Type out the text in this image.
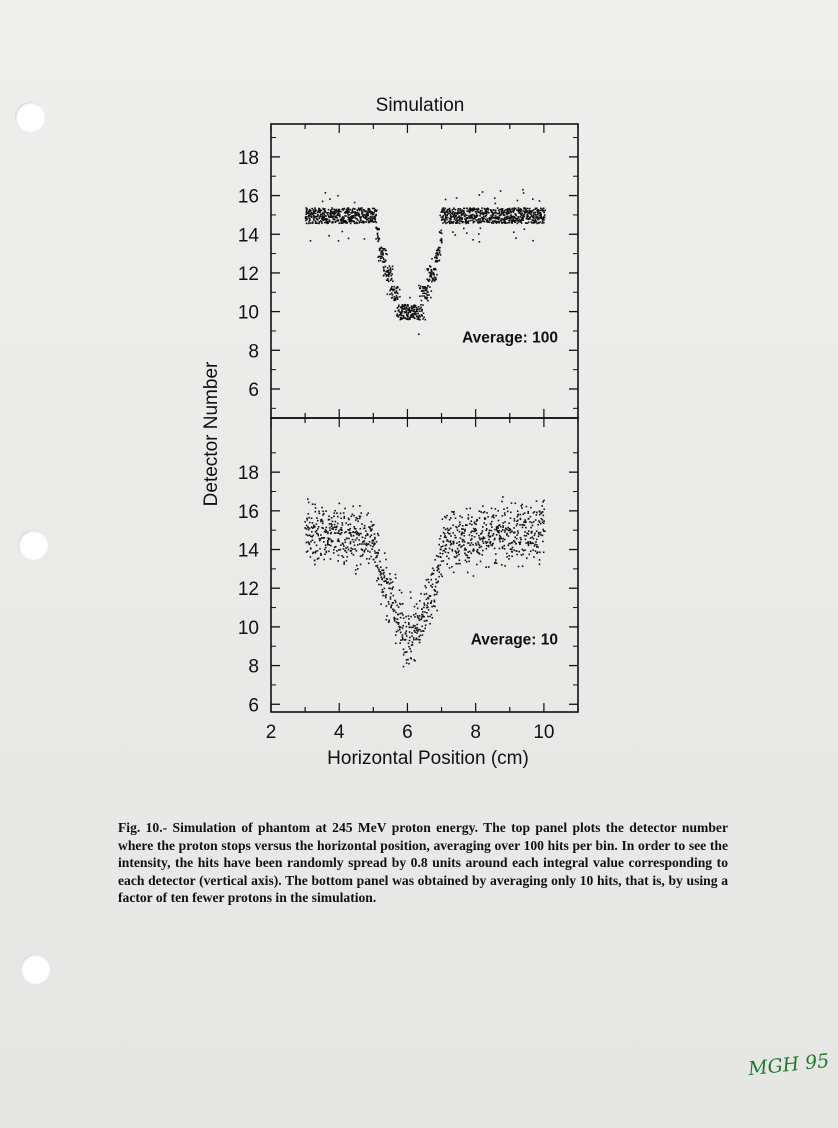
Simulation
Detector Number
Horizontal Position (cm)
6
8
10
12
14
16
18
Average: 100
6
8
10
12
14
16
18
Average: 10
2	4	6	8	10

Fig. 10.- Simulation of phantom at 245 MeV proton energy. The top panel plots the detector number where the proton stops versus the horizontal position, averaging over 100 hits per bin. In order to see the intensity, the hits have been randomly spread by 0.8 units around each integral value corresponding to each detector (vertical axis). The bottom panel was obtained by averaging only 10 hits, that is, by using a factor of ten fewer protons in the simulation.

MGH 95
